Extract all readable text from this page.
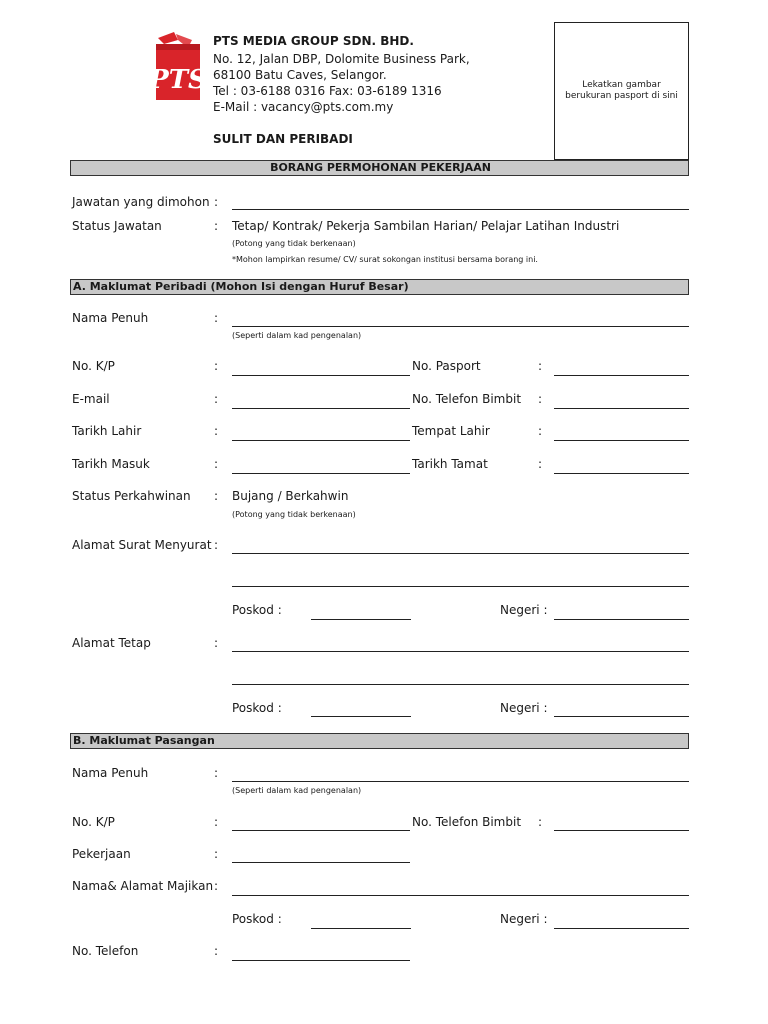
PTS
PTS MEDIA GROUP SDN. BHD.
No. 12, Jalan DBP, Dolomite Business Park,
68100 Batu Caves, Selangor.
Tel : 03-6188 0316 Fax: 03-6189 1316
E-Mail : vacancy@pts.com.my
SULIT DAN PERIBADI
Lekatkan gambar berukuran pasport di sini
BORANG PERMOHONAN PEKERJAAN
Jawatan yang dimohon :
Status Jawatan	: Tetap/ Kontrak/ Pekerja Sambilan Harian/ Pelajar Latihan Industri
(Potong yang tidak berkenaan)
*Mohon lampirkan resume/ CV/ surat sokongan institusi bersama borang ini.
A. Maklumat Peribadi (Mohon Isi dengan Huruf Besar)
Nama Penuh	:
(Seperti dalam kad pengenalan)
No. K/P	:	No. Pasport	:
E-mail	:	No. Telefon Bimbit :
Tarikh Lahir	:	Tempat Lahir	:
Tarikh Masuk	:	Tarikh Tamat	:
Status Perkahwinan : Bujang / Berkahwin
(Potong yang tidak berkenaan)
Alamat Surat Menyurat :
Poskod :	Negeri :
Alamat Tetap	:
Poskod :	Negeri :
B. Maklumat Pasangan
Nama Penuh	:
(Seperti dalam kad pengenalan)
No. K/P	:	No. Telefon Bimbit :
Pekerjaan	:
Nama& Alamat Majikan :
Poskod :	Negeri :
No. Telefon	:
